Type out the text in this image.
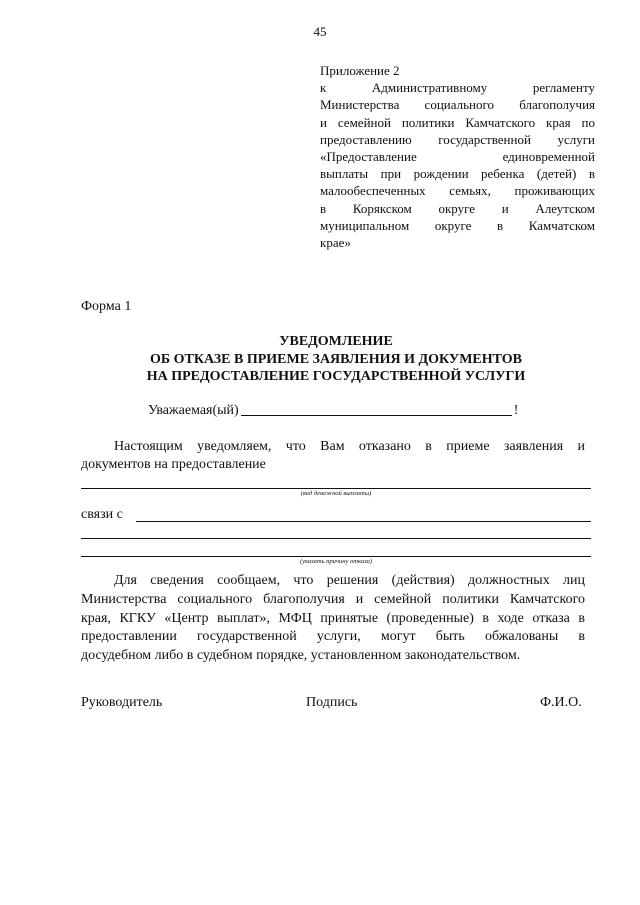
45
Приложение 2
к Административному регламенту
Министерства социального благополучия
и семейной политики Камчатского края по
предоставлению государственной услуги
«Предоставление единовременной
выплаты при рождении ребенка (детей) в
малообеспеченных семьях, проживающих
в Корякском округе и Алеутском
муниципальном округе в Камчатском
крае»
Форма 1
УВЕДОМЛЕНИЕ
ОБ ОТКАЗЕ В ПРИЕМЕ ЗАЯВЛЕНИЯ И ДОКУМЕНТОВ
НА ПРЕДОСТАВЛЕНИЕ ГОСУДАРСТВЕННОЙ УСЛУГИ
Уважаемая(ый)	!
Настоящим уведомляем, что Вам отказано в приеме заявления и
документов на предоставление
(вид денежной выплаты)
связи с
(указать причину отказа)
Для сведения сообщаем, что решения (действия) должностных лиц
Министерства социального благополучия и семейной политики Камчатского
края, КГКУ «Центр выплат», МФЦ принятые (проведенные) в ходе отказа в
предоставлении государственной услуги, могут быть обжалованы в
досудебном либо в судебном порядке, установленном законодательством.
Руководитель	Подпись	Ф.И.О.
